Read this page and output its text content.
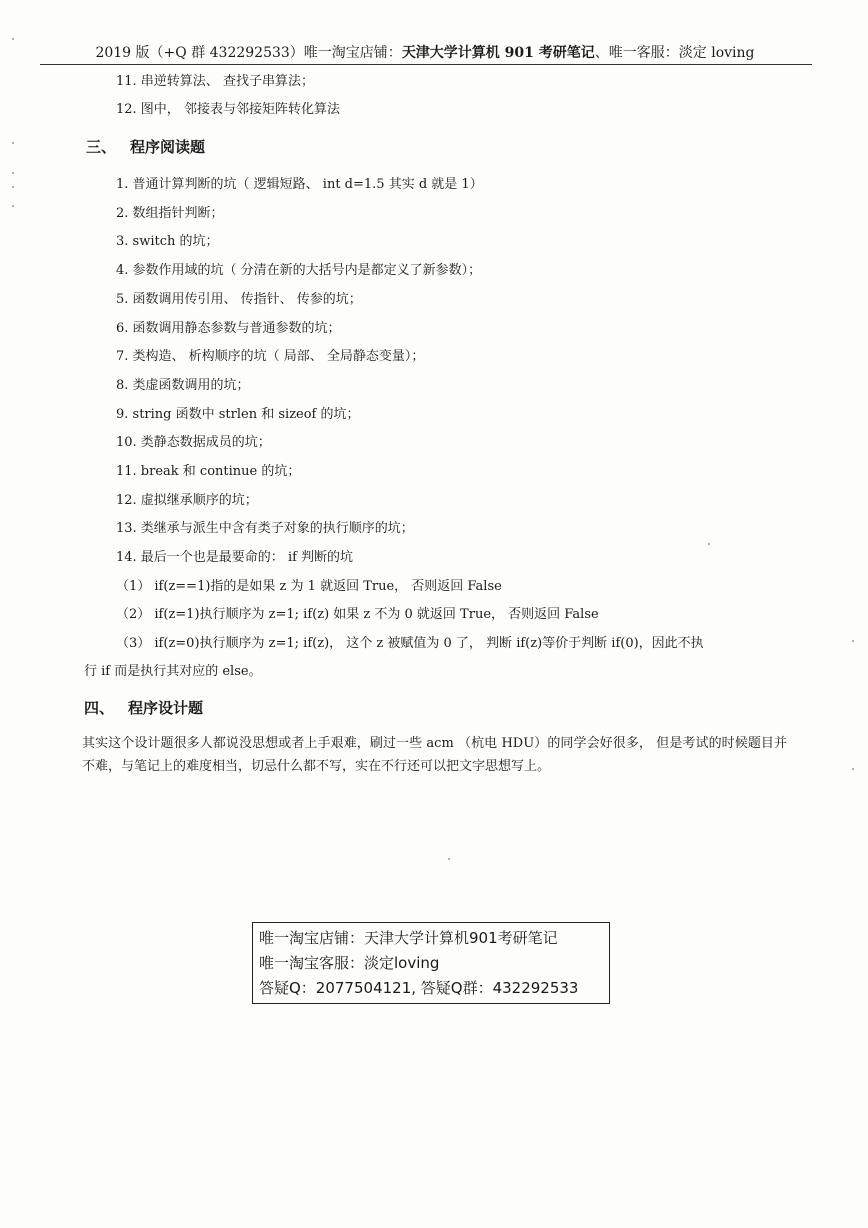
2019 版（+Q 群 432292533）唯一淘宝店铺：天津大学计算机 901 考研笔记、唯一客服：淡定 loving
11. 串逆转算法、 查找子串算法；
12. 图中， 邻接表与邻接矩阵转化算法
三、 程序阅读题
1. 普通计算判断的坑（ 逻辑短路、 int d=1.5 其实 d 就是 1）
2. 数组指针判断；
3. switch 的坑；
4. 参数作用域的坑（ 分清在新的大括号内是都定义了新参数）；
5. 函数调用传引用、 传指针、 传参的坑；
6. 函数调用静态参数与普通参数的坑；
7. 类构造、 析构顺序的坑（ 局部、 全局静态变量）；
8. 类虚函数调用的坑；
9. string 函数中 strlen 和 sizeof 的坑；
10. 类静态数据成员的坑；
11. break 和 continue 的坑；
12. 虚拟继承顺序的坑；
13. 类继承与派生中含有类子对象的执行顺序的坑；
14. 最后一个也是最要命的： if 判断的坑
（1） if(z==1)指的是如果 z 为 1 就返回 True， 否则返回 False
（2） if(z=1)执行顺序为 z=1; if(z) 如果 z 不为 0 就返回 True， 否则返回 False
（3） if(z=0)执行顺序为 z=1; if(z)， 这个 z 被赋值为 0 了， 判断 if(z)等价于判断 if(0)，因此不执
行 if 而是执行其对应的 else。
四、 程序设计题
其实这个设计题很多人都说没思想或者上手艰难，刷过一些 acm （杭电 HDU）的同学会好很多， 但是考试的时候题目并不难，与笔记上的难度相当，切忌什么都不写，实在不行还可以把文字思想写上。
唯一淘宝店铺：天津大学计算机901考研笔记
唯一淘宝客服：淡定loving
答疑Q：2077504121, 答疑Q群：432292533
